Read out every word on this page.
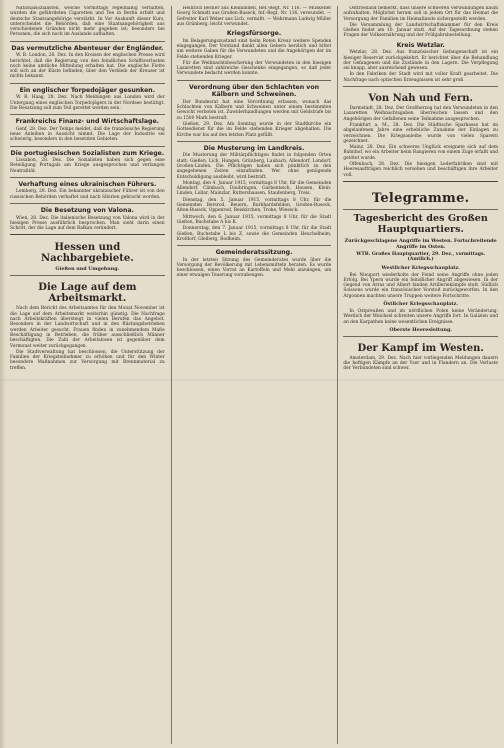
Nationalsozialisten, welche vormittags regelmäßig verhaften, wurden die gefährdeten Cigaretten und Tee in Berlin erfaßt und deutsche Staatsangehörige verstärkt. In Vor Auskunft dieser Kurs, unterscheidet die Behörden, daß eine Staatsangehörigkeit aus verschiedenen Gründen nicht mehr gegeben ist; besonders bei Personen, die sich noch im Auslande aufhalten.
Das vermutzliche Abenteuer der Engländer.
W. B. London, 28. Dez. In den Kreisen der englischen Presse wird berichtet, daß die Regierung von den feindlichen Schiffsverlusten noch keine amtliche Mitteilung erhalten hat. Die englische Flotte soll sich an der Küste befinden; über den Verbleib der Kreuzer ist nichts bekannt.
Ein englischer Torpedojäger gesunken.
W. B. Haag, 28. Dez. Nach Meldungen aus London wird der Untergang eines englischen Torpedojägers in der Nordsee bestätigt. Die Besatzung soll zum Teil gerettet worden sein.
Frankreichs Finanz- und Wirtschaftslage.
Genf, 28. Dez. Der Temps meldet, daß die französische Regierung neue Anleihen in Aussicht nimmt. Die Lage der Industrie sei schwierig, besonders in den besetzten Gebieten.
Die portugiesischen Sozialisten zum Kriege.
Lissabon, 28. Dez. Die Sozialisten haben sich gegen eine Beteiligung Portugals am Kriege ausgesprochen und verlangen Neutralität.
Verhaftung eines ukrainischen Führers.
Lemberg, 28. Dez. Ein bekannter ukrainischer Führer ist von den russischen Behörden verhaftet und nach Sibirien gebracht worden.
Die Besetzung von Valona.
Wien, 28. Dez. Die italienische Besetzung von Valona wird in der hiesigen Presse ausführlich besprochen. Man sieht darin einen Schritt, der die Lage auf dem Balkan verändert.
Hessen und Nachbargebiete.
Gießen und Umgebung.
Die Lage auf dem Arbeitsmarkt.
Nach dem Bericht des Arbeitsamtes für den Monat November ist die Lage auf dem Arbeitsmarkt weiterhin günstig. Die Nachfrage nach Arbeitskräften übersteigt in vielen Berufen das Angebot. Besonders in der Landwirtschaft und in den Rüstungsbetrieben werden Arbeiter gesucht. Frauen finden in zunehmendem Maße Beschäftigung in Betrieben, die früher ausschließlich Männer beschäftigten. Die Zahl der Arbeitslosen ist gegenüber dem Vormonat weiter zurückgegangen.
Die Stadtverwaltung hat beschlossen, die Unterstützung der Familien der Kriegsteilnehmer zu erhöhen und für den Winter besondere Maßnahmen zur Versorgung mit Brennmaterial zu treffen.
Heinrich Becker aus Kleinlinden, Ref.-Regt. Nr. 116. — Musketier Georg Schmidt aus Großen-Buseck, Inf.-Regt. Nr. 116, verwundet. — Gefreiter Karl Weber aus Lich, vermißt. — Wehrmann Ludwig Müller aus Grünberg, leicht verwundet.
Kriegsfürsorge.
Im Belagerungszustand sind beim Roten Kreuz weitere Spenden eingegangen. Der Vorstand dankt allen Gebern herzlich und bittet um weitere Gaben für die Verwundeten und die Angehörigen der im Felde stehenden Krieger.
Für die Weihnachtsbescherung der Verwundeten in den hiesigen Lazaretten sind zahlreiche Geschenke eingegangen, so daß jeder Verwundete bedacht werden konnte.
Verordnung über den Schlachten von Kälbern und Schweinen.
Der Bundesrat hat eine Verordnung erlassen, wonach das Schlachten von Kälbern und Schweinen unter einem bestimmten Gewicht verboten ist. Zuwiderhandlungen werden mit Geldstrafe bis zu 1500 Mark bestraft.
Gießen, 29. Dez. Am Sonntag wurde in der Stadtkirche ein Gottesdienst für die im Felde stehenden Krieger abgehalten. Die Kirche war bis auf den letzten Platz gefüllt.
Die Musterung im Landkreis.
Die Musterung der Militärpflichtigen findet in folgenden Orten statt: Gießen, Lich, Hungen, Grünberg, Laubach, Allendorf, Londorf, Großen-Linden. Die Pflichtigen haben sich pünktlich zu den angegebenen Zeiten einzufinden. Wer ohne genügende Entschuldigung ausbleibt, wird bestraft.
Montag, den 4. Januar 1915, vormittags 8 Uhr, für die Gemeinden Allendorf, Climbach, Daubringen, Garbenteich, Hausen, Klein-Linden, Lollar, Mainzlar, Ruttershausen, Staufenberg, Treis.
Dienstag, den 5. Januar 1915, vormittags 8 Uhr, für die Gemeinden Bersrod, Beuern, Burkhardsfelden, Großen-Buseck, Alten-Buseck, Oppenrod, Reiskirchen, Trohe, Wieseck.
Mittwoch, den 6. Januar 1915, vormittags 8 Uhr, für die Stadt Gießen, Buchstabe A bis K.
Donnerstag, den 7. Januar 1915, vormittags 8 Uhr, für die Stadt Gießen, Buchstabe L bis Z, sowie die Gemeinden Heuchelheim, Krofdorf, Gleiberg, Rodheim.
Gemeinderatssitzung.
In der letzten Sitzung des Gemeinderates wurde über die Versorgung der Bevölkerung mit Lebensmitteln beraten. Es wurde beschlossen, einen Vorrat an Kartoffeln und Mehl anzulegen, um einer etwaigen Teuerung vorzubeugen.
Ostfriesland bemerkt, dass unsere schweren Verwundungen kaum aufzuhalten. Möglichst herum soll in jedem Ort für das Heimat die Versorgung der Familien im Heimatlande sichergestellt werden.
Die Versammlung der Landwirtschaftskammer für den Kreis Gießen findet am 10. Januar statt. Auf der Tagesordnung stehen Fragen der Volksernährung und der Frühjahrsbestellung.
Kreis Wetzlar.
Wetzlar, 28. Dez. Aus französischer Gefangenschaft ist ein hiesiger Reservist zurückgekehrt. Er berichtet über die Behandlung der Gefangenen und die Zustände in den Lagern. Die Verpflegung sei knapp, aber ausreichend gewesen.
In den Fabriken der Stadt wird mit voller Kraft gearbeitet. Die Nachfrage nach optischen Erzeugnissen ist sehr groß.
Von Nah und Fern.
Darmstadt, 28. Dez. Der Großherzog hat den Verwundeten in den Lazaretten Weihnachtsgaben überreichen lassen und den Angehörigen der Gefallenen seine Teilnahme ausgesprochen.
Frankfurt a. M., 28. Dez. Die Städtische Sparkasse hat im abgelaufenen Jahre eine erhebliche Zunahme der Einlagen zu verzeichnen. Die Kriegsanleihe wurde von vielen Sparern gezeichnet.
Mainz, 28. Dez. Ein schweres Unglück ereignete sich auf dem Bahnhof, wo ein Arbeiter beim Rangieren von einem Zuge erfaßt und getötet wurde.
Offenbach, 28. Dez. Die hiesigen Lederfabriken sind mit Heeresaufträgen reichlich versehen und beschäftigen ihre Arbeiter voll.
Telegramme.
Tagesbericht des Großen Hauptquartiers.
Zurückgeschlagene Angriffe im Westen. Fortschreitende Angriffe im Osten.
WTB. Großes Hauptquartier, 29. Dez., vormittags. (Amtlich.)
Westlicher Kriegsschauplatz.
Bei Nieuport wiederholte der Feind seine Angriffe ohne jeden Erfolg. Bei Ypern wurde ein feindlicher Angriff abgewiesen. In der Gegend von Arras und Albert fanden Artilleriekämpfe statt. Südlich Soissons wurde ein französischer Vorstoß zurückgeworfen. In den Argonnen machten unsere Truppen weitere Fortschritte.
Östlicher Kriegsschauplatz.
In Ostpreußen und im nördlichen Polen keine Veränderung. Westlich der Weichsel schreiten unsere Angriffe fort. In Galizien und an den Karpathen keine wesentlichen Ereignisse.
Oberste Heeresleitung.
Der Kampf im Westen.
Amsterdam, 29. Dez. Nach hier vorliegenden Meldungen dauern die heftigen Kämpfe an der Yser und in Flandern an. Die Verluste der Verbündeten sind schwer.
